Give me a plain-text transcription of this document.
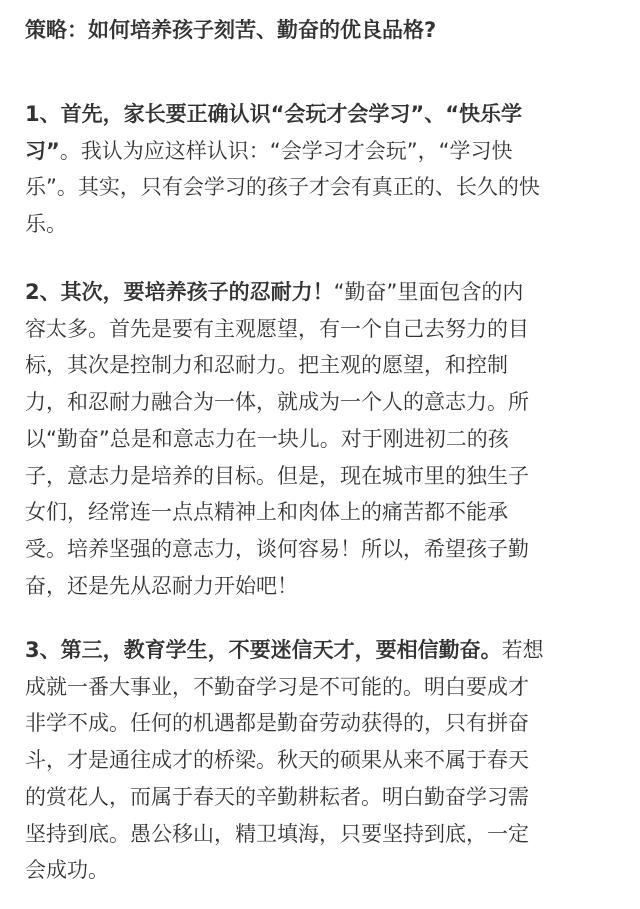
策略：如何培养孩子刻苦、勤奋的优良品格?
1、首先，家长要正确认识“会玩才会学习”、“快乐学
习”。我认为应这样认识：“会学习才会玩”，“学习快
乐”。其实，只有会学习的孩子才会有真正的、长久的快
乐。
2、其次，要培养孩子的忍耐力！“勤奋”里面包含的内
容太多。首先是要有主观愿望，有一个自己去努力的目
标，其次是控制力和忍耐力。把主观的愿望，和控制
力，和忍耐力融合为一体，就成为一个人的意志力。所
以“勤奋”总是和意志力在一块儿。对于刚进初二的孩
子，意志力是培养的目标。但是，现在城市里的独生子
女们，经常连一点点精神上和肉体上的痛苦都不能承
受。培养坚强的意志力，谈何容易！所以，希望孩子勤
奋，还是先从忍耐力开始吧！
3、第三，教育学生，不要迷信天才，要相信勤奋。若想
成就一番大事业，不勤奋学习是不可能的。明白要成才
非学不成。任何的机遇都是勤奋劳动获得的，只有拼奋
斗，才是通往成才的桥梁。秋天的硕果从来不属于春天
的赏花人，而属于春天的辛勤耕耘者。明白勤奋学习需
坚持到底。愚公移山，精卫填海，只要坚持到底，一定
会成功。
